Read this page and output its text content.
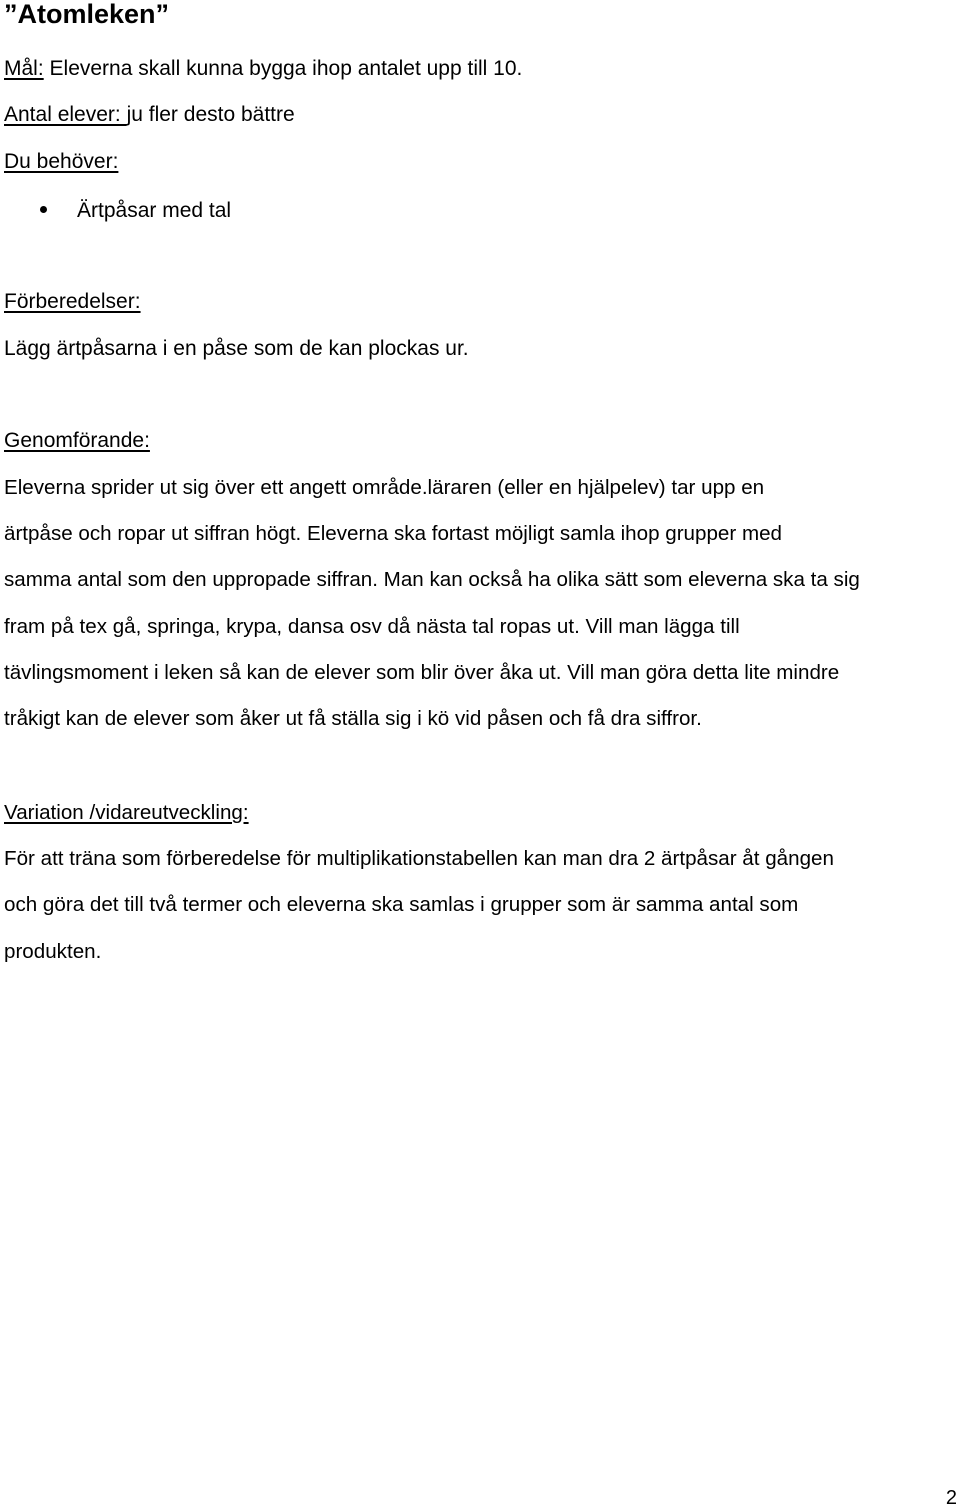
”Atomleken”

Mål: Eleverna skall kunna bygga ihop antalet upp till 10.

Antal elever: ju fler desto bättre

Du behöver:

Ärtpåsar med tal

Förberedelser:

Lägg ärtpåsarna i en påse som de kan plockas ur.

Genomförande:

Eleverna sprider ut sig över ett angett område.läraren (eller en hjälpelev) tar upp en
ärtpåse och ropar ut siffran högt. Eleverna ska fortast möjligt samla ihop grupper med
samma antal som den uppropade siffran. Man kan också ha olika sätt som eleverna ska ta sig
fram på tex gå, springa, krypa, dansa osv då nästa tal ropas ut. Vill man lägga till
tävlingsmoment i leken så kan de elever som blir över åka ut. Vill man göra detta lite mindre
tråkigt kan de elever som åker ut få ställa sig i kö vid påsen och få dra siffror.
Variation /vidareutveckling:
För att träna som förberedelse för multiplikationstabellen kan man dra 2 ärtpåsar åt gången
och göra det till två termer och eleverna ska samlas i grupper som är samma antal som
produkten.

2
